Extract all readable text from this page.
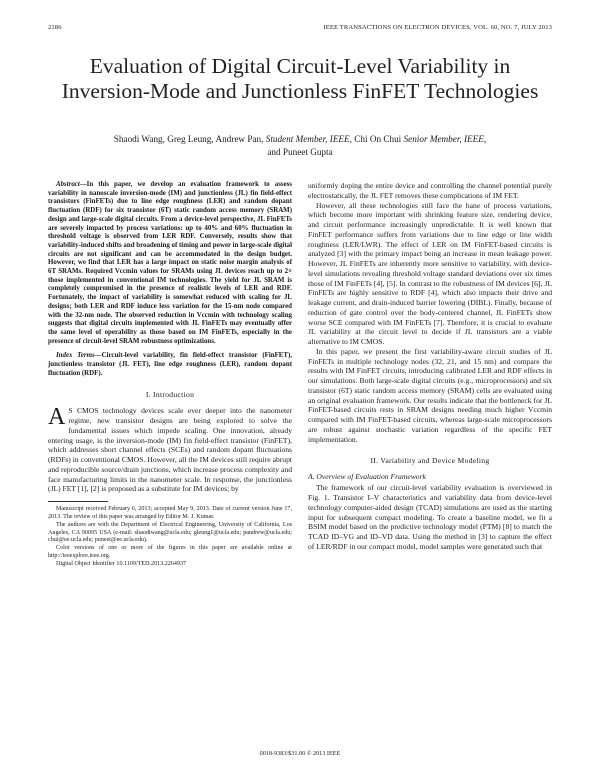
2186	IEEE TRANSACTIONS ON ELECTRON DEVICES, VOL. 60, NO. 7, JULY 2013
Evaluation of Digital Circuit-Level Variability in Inversion-Mode and Junctionless FinFET Technologies
Shaodi Wang, Greg Leung, Andrew Pan, Student Member, IEEE, Chi On Chui Senior Member, IEEE,
and Puneet Gupta

Abstract—In this paper, we develop an evaluation framework to assess variability in nanoscale inversion-mode (IM) and junctionless (JL) fin field-effect transistors (FinFETs) due to line edge roughness (LER) and random dopant fluctuation (RDF) for six transistor (6T) static random access memory (SRAM) design and large-scale digital circuits. From a device-level perspective, JL FinFETs are severely impacted by process variations: up to 40% and 60% fluctuation in threshold voltage is observed from LER RDF. Conversely, results show that variability-induced shifts and broadening of timing and power in large-scale digital circuits are not significant and can be accommodated in the design budget. However, we find that LER has a large impact on static noise margin analysis of 6T SRAMs. Required Vccmin values for SRAMs using JL devices reach up to 2× those implemented in conventional IM technologies. The yield for JL SRAM is completely compromised in the presence of realistic levels of LER and RDF. Fortunately, the impact of variability is somewhat reduced with scaling for JL designs; both LER and RDF induce less variation for the 15-nm node compared with the 32-nm node. The observed reduction in Vccmin with technology scaling suggests that digital circuits implemented with JL FinFETs may eventually offer the same level of operability as those based on IM FinFETs, especially in the presence of circuit-level SRAM robustness optimizations.

Index Terms—Circuit-level variability, fin field-effect transistor (FinFET), junctionless transistor (JL FET), line edge roughness (LER), random dopant fluctuation (RDF).

I. Introduction

A S CMOS technology devices scale ever deeper into the nanometer regime, new transistor designs are being explored to solve the fundamental issues which impede scaling. One innovation, already entering usage, is the inversion-mode (IM) fin field-effect transistor (FinFET), which addresses short channel effects (SCEs) and random dopant fluctuations (RDFs) in conventional CMOS. However, all the IM devices still require abrupt and reproducible source/drain junctions, which increase process complexity and face manufacturing limits in the nanometer scale. In response, the junctionless (JL) FET [1], [2] is proposed as a substitute for IM devices; by

Manuscript received February 6, 2013; accepted May 9, 2013. Date of current version June 17, 2013. The review of this paper was arranged by Editor M. J. Kumar.

The authors are with the Department of Electrical Engineering, University of California, Los Angeles, CA 90095 USA (e-mail: shaodiwang@ucla.edu; gleung1@ucla.edu; pandrew@ucla.edu; chui@ee.ucla.edu; puneet@ee.ucla.edu).

Color versions of one or more of the figures in this paper are available online at http://ieeexplore.ieee.org.

Digital Object Identifier 10.1109/TED.2013.2264937

uniformly doping the entire device and controlling the channel potential purely electrostatically, the JL FET removes these complications of IM FET.

However, all these technologies still face the bane of process variations, which become more important with shrinking feature size, rendering device, and circuit performance increasingly unpredictable. It is well known that FinFET performance suffers from variations due to line edge or line width roughness (LER/LWR). The effect of LER on IM FinFET-based circuits is analyzed [3] with the primary impact being an increase in mean leakage power. However, JL FinFETs are inherently more sensitive to variability, with device-level simulations revealing threshold voltage standard deviations over six times those of IM FinFETs [4], [5]. In contrast to the robustness of IM devices [6], JL FinFETs are highly sensitive to RDF [4], which also impacts their drive and leakage current, and drain-induced barrier lowering (DIBL). Finally, because of reduction of gate control over the body-centered channel, JL FinFETs show worse SCE compared with IM FinFETs [7]. Therefore, it is crucial to evaluate JL variability at the circuit level to decide if JL transistors are a viable alternative to IM CMOS.

In this paper, we present the first variability-aware circuit studies of JL FinFETs in multiple technology nodes (32, 21, and 15 nm) and compare the results with IM FinFET circuits, introducing calibrated LER and RDF effects in our simulations. Both large-scale digital circuits (e.g., microprocessors) and six transistor (6T) static random access memory (SRAM) cells are evaluated using an original evaluation framework. Our results indicate that the bottleneck for JL FinFET-based circuits rests in SRAM designs needing much higher Vccmin compared with IM FinFET-based circuits, whereas large-scale microprocessors are robust against stochastic variation regardless of the specific FET implementation.

II. Variability and Device Modeling
A. Overview of Evaluation Framework

The framework of our circuit-level variability evaluation is overviewed in Fig. 1. Transistor I–V characteristics and variability data from device-level technology computer-aided design (TCAD) simulations are used as the starting input for subsequent compact modeling. To create a baseline model, we fit a BSIM model based on the predictive technology model (PTM) [8] to match the TCAD ID–VG and ID–VD data. Using the method in [3] to capture the effect of LER/RDF in our compact model, model samples were generated such that

0018-9383/$31.00 © 2013 IEEE
